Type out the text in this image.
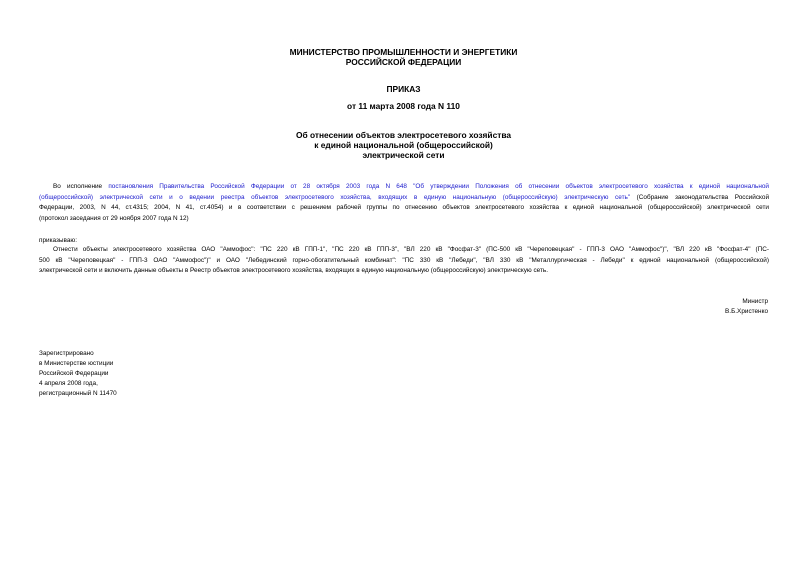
МИНИСТЕРСТВО ПРОМЫШЛЕННОСТИ И ЭНЕРГЕТИКИ
РОССИЙСКОЙ ФЕДЕРАЦИИ
ПРИКАЗ
от 11 марта 2008 года N 110
Об отнесении объектов электросетевого хозяйства
к единой национальной (общероссийской)
электрической сети
Во исполнение постановления Правительства Российской Федерации от 28 октября 2003 года N 648 "Об утверждении Положения об отнесении объектов электросетевого хозяйства к единой национальной
(общероссийской) электрической сети и о ведении реестра объектов электросетевого хозяйства, входящих в единую национальную (общероссийскую) электрическую сеть" (Собрание законодательства Российской
Федерации, 2003, N 44, ст.4315; 2004, N 41, ст.4054) и в соответствии с решением рабочей группы по отнесению объектов электросетевого хозяйства к единой национальной (общероссийской) электрической сети
(протокол заседания от 29 ноября 2007 года N 12)
приказываю:
Отнести объекты электросетевого хозяйства ОАО "Аммофос": "ПС 220 кВ ГПП-1", "ПС 220 кВ ГПП-3", "ВЛ 220 кВ "Фосфат-3" (ПС-500 кВ "Череповецкая" - ГПП-3 ОАО "Аммофос")", "ВЛ 220 кВ "Фосфат-4" (ПС-
500 кВ "Череповецкая" - ГПП-3 ОАО "Аммофос")" и ОАО "Лебединский горно-обогатительный комбинат": "ПС 330 кВ "Лебеди", "ВЛ 330 кВ "Металлургическая - Лебеди" к единой национальной (общероссийской)
электрической сети и включить данные объекты в Реестр объектов электросетевого хозяйства, входящих в единую национальную (общероссийскую) электрическую сеть.
Министр
В.Б.Христенко
Зарегистрировано
в Министерстве юстиции
Российской Федерации
4 апреля 2008 года,
регистрационный N 11470
